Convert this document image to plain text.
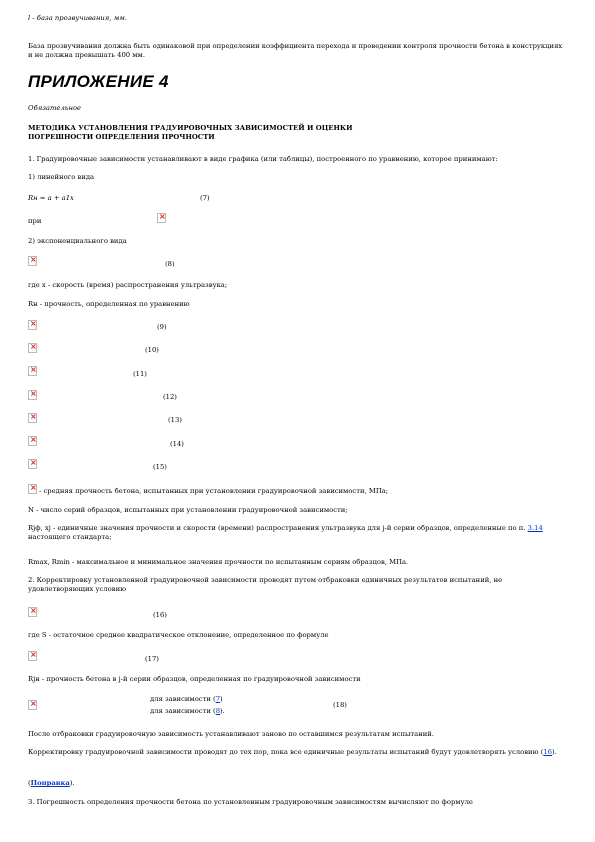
l - база прозвучивания, мм.
База прозвучивания должна быть одинаковой при определении коэффициента перехода и проведении контроля прочности бетона в конструкциях и не должна превышать 400 мм.
ПРИЛОЖЕНИЕ 4
Обязательное
МЕТОДИКА УСТАНОВЛЕНИЯ ГРАДУИРОВОЧНЫХ ЗАВИСИМОСТЕЙ И ОЦЕНКИ ПОГРЕШНОСТИ ОПРЕДЕЛЕНИЯ ПРОЧНОСТИ
1. Градуировочные зависимости устанавливают в виде графика (или таблицы), построенного по уравнению, которое принимают:
1) линейного вида
Rн = a + a1x	(7)
при
×
2) экспоненциального вида
×
(8)
где x - скорость (время) распространения ультразвука;
Rн - прочность, определенная по уравнению
×
(9)
×
(10)
×
(11)
×
(12)
×
(13)
×
(14)
×
(15)
×
- средняя прочность бетона, испытанных при установлении градуировочной зависимости, МПа;
N - число серий образцов, испытанных при установлении градуировочной зависимости;
Rjф, xj - единичные значения прочности и скорости (времени) распространения ультразвука для j-й серии образцов, определенные по п. 3.14 настоящего стандарта;
Rmax, Rmin - максимальное и минимальное значения прочности по испытанным сериям образцов, МПа.
2. Корректировку установленной градуировочной зависимости проводят путем отбраковки единичных результатов испытаний, не удовлетворяющих условию
×
(16)
где S - остаточное среднее квадратическое отклонение, определенное по формуле
×
(17)
Rjн - прочность бетона в j-й серии образцов, определенная по градуировочной зависимости
×
для зависимости (7)
для зависимости (8).
(18)
После отбраковки градуировочную зависимость устанавливают заново по оставшимся результатам испытаний.
Корректировку градуировочной зависимости проводят до тех пор, пока все единичные результаты испытаний будут удовлетворять условию (16).
(Поправка).
3. Погрешность определения прочности бетона по установленным градуировочным зависимостям вычисляют по формуле
